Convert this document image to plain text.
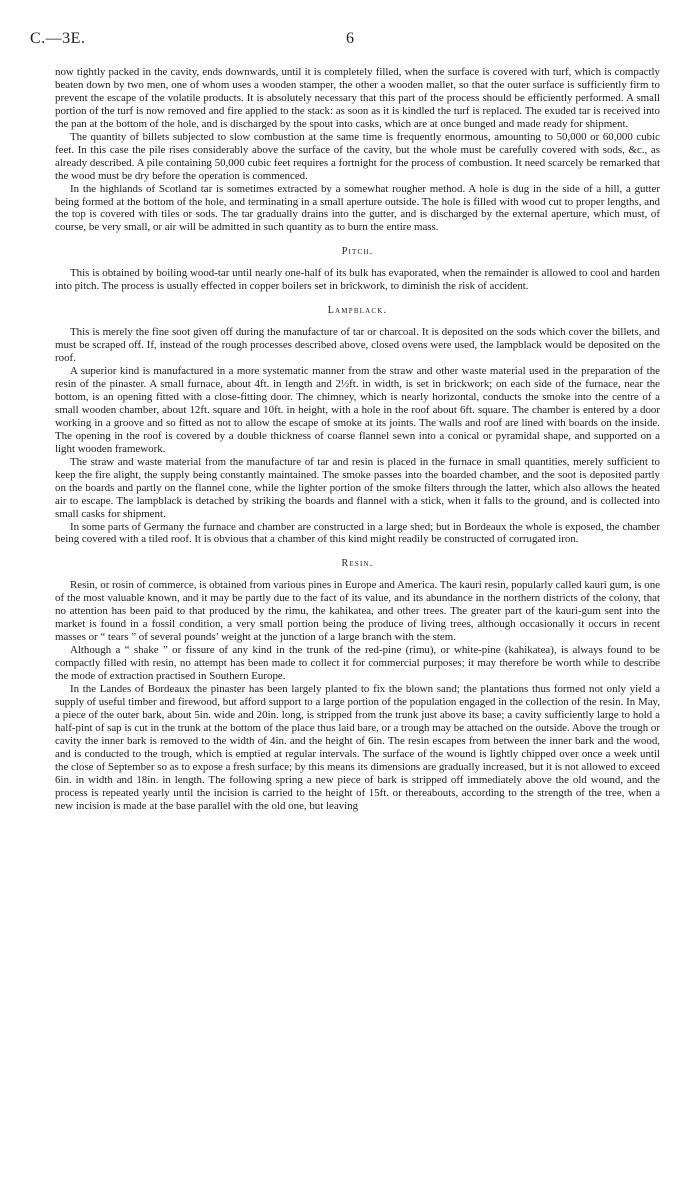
C.—3E.	6

now tightly packed in the cavity, ends downwards, until it is completely filled, when the surface is covered with turf, which is compactly beaten down by two men, one of whom uses a wooden stamper, the other a wooden mallet, so that the outer surface is sufficiently firm to prevent the escape of the volatile products. It is absolutely necessary that this part of the process should be efficiently performed. A small portion of the turf is now removed and fire applied to the stack: as soon as it is kindled the turf is replaced. The exuded tar is received into the pan at the bottom of the hole, and is discharged by the spout into casks, which are at once bunged and made ready for shipment.

The quantity of billets subjected to slow combustion at the same time is frequently enormous, amounting to 50,000 or 60,000 cubic feet. In this case the pile rises considerably above the surface of the cavity, but the whole must be carefully covered with sods, &c., as already described. A pile containing 50,000 cubic feet requires a fortnight for the process of combustion. It need scarcely be remarked that the wood must be dry before the operation is commenced.

In the highlands of Scotland tar is sometimes extracted by a somewhat rougher method. A hole is dug in the side of a hill, a gutter being formed at the bottom of the hole, and terminating in a small aperture outside. The hole is filled with wood cut to proper lengths, and the top is covered with tiles or sods. The tar gradually drains into the gutter, and is discharged by the external aperture, which must, of course, be very small, or air will be admitted in such quantity as to burn the entire mass.

Pitch.

This is obtained by boiling wood-tar until nearly one-half of its bulk has evaporated, when the remainder is allowed to cool and harden into pitch. The process is usually effected in copper boilers set in brickwork, to diminish the risk of accident.

Lampblack.

This is merely the fine soot given off during the manufacture of tar or charcoal. It is deposited on the sods which cover the billets, and must be scraped off. If, instead of the rough processes described above, closed ovens were used, the lampblack would be deposited on the roof.

A superior kind is manufactured in a more systematic manner from the straw and other waste material used in the preparation of the resin of the pinaster. A small furnace, about 4ft. in length and 2½ft. in width, is set in brickwork; on each side of the furnace, near the bottom, is an opening fitted with a close-fitting door. The chimney, which is nearly horizontal, conducts the smoke into the centre of a small wooden chamber, about 12ft. square and 10ft. in height, with a hole in the roof about 6ft. square. The chamber is entered by a door working in a groove and so fitted as not to allow the escape of smoke at its joints. The walls and roof are lined with boards on the inside. The opening in the roof is covered by a double thickness of coarse flannel sewn into a conical or pyramidal shape, and supported on a light wooden framework.

The straw and waste material from the manufacture of tar and resin is placed in the furnace in small quantities, merely sufficient to keep the fire alight, the supply being constantly maintained. The smoke passes into the boarded chamber, and the soot is deposited partly on the boards and partly on the flannel cone, while the lighter portion of the smoke filters through the latter, which also allows the heated air to escape. The lampblack is detached by striking the boards and flannel with a stick, when it falls to the ground, and is collected into small casks for shipment.

In some parts of Germany the furnace and chamber are constructed in a large shed; but in Bordeaux the whole is exposed, the chamber being covered with a tiled roof. It is obvious that a chamber of this kind might readily be constructed of corrugated iron.

Resin.

Resin, or rosin of commerce, is obtained from various pines in Europe and America. The kauri resin, popularly called kauri gum, is one of the most valuable known, and it may be partly due to the fact of its value, and its abundance in the northern districts of the colony, that no attention has been paid to that produced by the rimu, the kahikatea, and other trees. The greater part of the kauri-gum sent into the market is found in a fossil condition, a very small portion being the produce of living trees, although occasionally it occurs in recent masses or “ tears ” of several pounds’ weight at the junction of a large branch with the stem.

Although a “ shake ” or fissure of any kind in the trunk of the red-pine (rimu), or white-pine (kahikatea), is always found to be compactly filled with resin, no attempt has been made to collect it for commercial purposes; it may therefore be worth while to describe the mode of extraction practised in Southern Europe.

In the Landes of Bordeaux the pinaster has been largely planted to fix the blown sand; the plantations thus formed not only yield a supply of useful timber and firewood, but afford support to a large portion of the population engaged in the collection of the resin. In May, a piece of the outer bark, about 5in. wide and 20in. long, is stripped from the trunk just above its base; a cavity sufficiently large to hold a half-pint of sap is cut in the trunk at the bottom of the place thus laid bare, or a trough may be attached on the outside. Above the trough or cavity the inner bark is removed to the width of 4in. and the height of 6in. The resin escapes from between the inner bark and the wood, and is conducted to the trough, which is emptied at regular intervals. The surface of the wound is lightly chipped over once a week until the close of September so as to expose a fresh surface; by this means its dimensions are gradually increased, but it is not allowed to exceed 6in. in width and 18in. in length. The following spring a new piece of bark is stripped off immediately above the old wound, and the process is repeated yearly until the incision is carried to the height of 15ft. or thereabouts, according to the strength of the tree, when a new incision is made at the base parallel with the old one, but leaving
